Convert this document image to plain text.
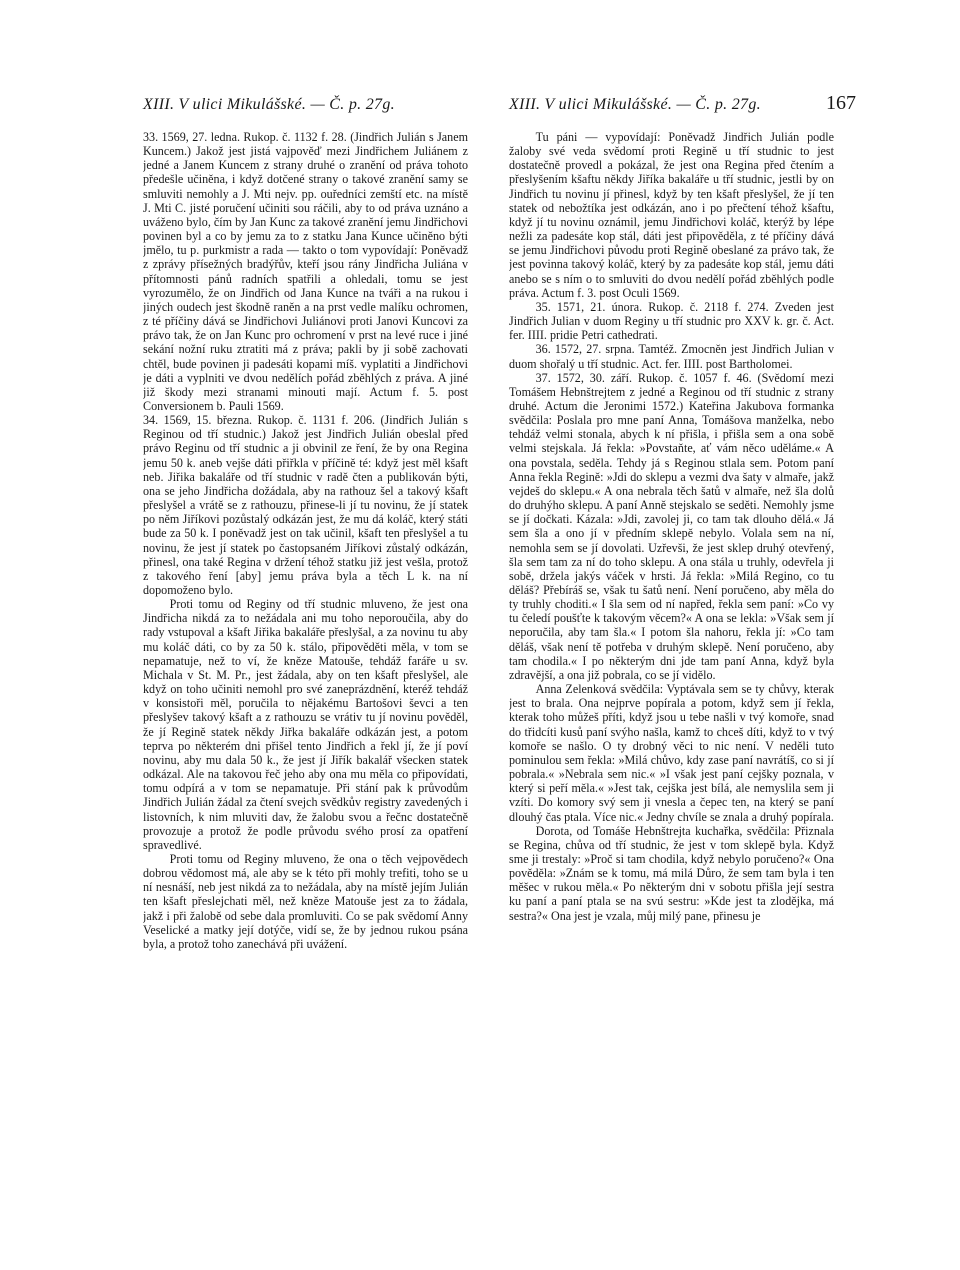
XIII. V ulici Mikulášské. — Č. p. 27g.	XIII. V ulici Mikulášské. — Č. p. 27g.	167

33. 1569, 27. ledna. Rukop. č. 1132 f. 28. (Jindřich Julián s Janem Kuncem.) Jakož jest jistá vajpověď mezi Jindřichem Juliánem z jedné a Janem Kuncem z strany druhé o zranění od práva tohoto předešle učiněna, i když dotčené strany o takové zranění samy se smluviti nemohly a J. Mti nejv. pp. ouředníci zemští etc. na místě J. Mti C. jisté poručení učiniti sou ráčili, aby to od práva uznáno a uváženo bylo, čím by Jan Kunc za takové zranění jemu Jindřichovi povinen byl a co by jemu za to z statku Jana Kunce učiněno býti jmělo, tu p. purkmistr a rada — takto o tom vypovídají: Poněvadž z zprávy přísežných bradýřův, kteří jsou rány Jindřicha Juliána v přítomnosti pánů radních spatřili a ohledali, tomu se jest vyrozumělo, že on Jindřich od Jana Kunce na tváři a na rukou i jiných oudech jest škodně raněn a na prst vedle malíku ochromen, z té příčiny dává se Jindřichovi Juliánovi proti Janovi Kuncovi za právo tak, že on Jan Kunc pro ochromení v prst na levé ruce i jiné sekání nožní ruku ztratiti má z práva; pakli by ji sobě zachovati chtěl, bude povinen ji padesáti kopami míš. vyplatiti a Jindřichovi je dáti a vyplniti ve dvou nedělích pořád zběhlých z práva. A jiné již škody mezi stranami minouti mají. Actum f. 5. post Conversionem b. Pauli 1569.

34. 1569, 15. března. Rukop. č. 1131 f. 206. (Jindřich Julián s Reginou od tří studnic.) Jakož jest Jindřich Julián obeslal před právo Reginu od tří studnic a ji obvinil ze ření, že by ona Regina jemu 50 k. aneb vejše dáti přiřkla v příčině té: když jest měl kšaft neb. Jiřika bakaláře od tří studnic v radě čten a publikován býti, ona se jeho Jindřicha dožádala, aby na rathouz šel a takový kšaft přeslyšel a vrátě se z rathouzu, přinese-li jí tu novinu, že jí statek po něm Jiříkovi pozůstalý odkázán jest, že mu dá koláč, který státi bude za 50 k. I poněvadž jest on tak učinil, kšaft ten přeslyšel a tu novinu, že jest jí statek po častopsaném Jiříkovi zůstalý odkázán, přinesl, ona také Regina v držení téhož statku již jest vešla, protož z takového ření [aby] jemu práva byla a těch L k. na ní dopomoženo bylo.

Proti tomu od Reginy od tří studnic mluveno, že jest ona Jindřicha nikdá za to nežádala ani mu toho neporoučila, aby do rady vstupoval a kšaft Jiřika bakaláře přeslyšal, a za novinu tu aby mu koláč dáti, co by za 50 k. stálo, připověděti měla, v tom se nepamatuje, než to ví, že kněze Matouše, tehdáž faráře u sv. Michala v St. M. Pr., jest žádala, aby on ten kšaft přeslyšel, ale když on toho učiniti nemohl pro své zaneprázdnění, kteréž tehdáž v konsistoři měl, poručila to nějakému Bartošovi ševci a ten přeslyšev takový kšaft a z rathouzu se vrátiv tu jí novinu pověděl, že jí Regině statek někdy Jiřka bakaláře odkázán jest, a potom teprva po některém dni přišel tento Jindřich a řekl jí, že jí poví novinu, aby mu dala 50 k., že jest jí Jiřík bakalář všecken statek odkázal. Ale na takovou řeč jeho aby ona mu měla co připovídati, tomu odpírá a v tom se nepamatuje. Při stání pak k průvodům Jindřich Julián žádal za čtení svejch svědkův registry zavedených i listovních, k nim mluviti dav, že žalobu svou a řečnc dostatečně provozuje a protož že podle průvodu svého prosí za opatření spravedlivé.

Proti tomu od Reginy mluveno, že ona o těch vejpovědech dobrou vědomost má, ale aby se k této při mohly trefiti, toho se u ní nesnáší, neb jest nikdá za to nežádala, aby na místě jejím Julián ten kšaft přeslejchati měl, než kněze Matouše jest za to žádala, jakž i při žalobě od sebe dala promluviti. Co se pak svědomí Anny Veselické a matky její dotýče, vidí se, že by jednou rukou psána byla, a protož toho zanechává při uvážení.

Tu páni — vypovídají: Poněvadž Jindřich Julián podle žaloby své veda svědomí proti Regině u tří studnic to jest dostatečně provedl a pokázal, že jest ona Regina před čtením a přeslyšením kšaftu někdy Jiříka bakaláře u tří studnic, jestli by on Jindřich tu novinu jí přinesl, když by ten kšaft přeslyšel, že jí ten statek od nebožtíka jest odkázán, ano i po přečtení téhož kšaftu, když jí tu novinu oznámil, jemu Jindřichovi koláč, kterýž by lépe nežli za padesáte kop stál, dáti jest připověděla, z té příčiny dává se jemu Jindřichovi původu proti Regině obeslané za právo tak, že jest povinna takový koláč, který by za padesáte kop stál, jemu dáti anebo se s ním o to smluviti do dvou nedělí pořád zběhlých podle práva. Actum f. 3. post Oculi 1569.

35. 1571, 21. února. Rukop. č. 2118 f. 274. Zveden jest Jindřich Julian v duom Reginy u tří studnic pro XXV k. gr. č. Act. fer. IIII. pridie Petri cathedrati.

36. 1572, 27. srpna. Tamtéž. Zmocněn jest Jindřich Julian v duom shořalý u tří studnic. Act. fer. IIII. post Bartholomei.

37. 1572, 30. září. Rukop. č. 1057 f. 46. (Svědomí mezi Tomášem Hebnštrejtem z jedné a Reginou od tří studnic z strany druhé. Actum die Jeronimi 1572.) Kateřina Jakubova formanka svědčila: Poslala pro mne paní Anna, Tomášova manželka, nebo tehdáž velmi stonala, abych k ní přišla, i přišla sem a ona sobě velmi stejskala. Já řekla: »Povstaňte, ať vám něco uděláme.« A ona povstala, seděla. Tehdy já s Reginou stlala sem. Potom paní Anna řekla Regině: »Jdi do sklepu a vezmi dva šaty v almaře, jakž vejdeš do sklepu.« A ona nebrala těch šatů v almaře, než šla dolů do druhýho sklepu. A paní Anně stejskalo se seděti. Nemohly jsme se jí dočkati. Kázala: »Jdi, zavolej ji, co tam tak dlouho dělá.« Já sem šla a ono jí v předním sklepě nebylo. Volala sem na ní, nemohla sem se jí dovolati. Uzřevši, že jest sklep druhý otevřený, šla sem tam za ní do toho sklepu. A ona stála u truhly, odevřela ji sobě, držela jakýs váček v hrsti. Já řekla: »Milá Regino, co tu děláš? Přebíráš se, však tu šatů není. Není poručeno, aby měla do ty truhly choditi.« I šla sem od ní napřed, řekla sem paní: »Co vy tu čeledí poušťte k takovým věcem?« A ona se lekla: »Však sem jí neporučila, aby tam šla.« I potom šla nahoru, řekla jí: »Co tam děláš, však není tě potřeba v druhým sklepě. Není poručeno, aby tam chodila.« I po některým dni jde tam paní Anna, když byla zdravější, a ona již pobrala, co se jí vidělo.

Anna Zelenková svědčila: Vyptávala sem se ty chůvy, kterak jest to brala. Ona nejprve popírala a potom, když sem jí řekla, kterak toho můžeš příti, když jsou u tebe našli v tvý komoře, snad do třidcíti kusů paní svýho našla, kamž to chceš díti, když to v tvý komoře se našlo. O ty drobný věci to nic není. V neděli tuto pominulou sem řekla: »Milá chůvo, kdy zase paní navrátíš, co si jí pobrala.« »Nebrala sem nic.« »I však jest paní cejšky poznala, v který si peří měla.« »Jest tak, cejška jest bílá, ale nemyslila sem ji vzíti. Do komory svý sem ji vnesla a čepec ten, na který se paní dlouhý čas ptala. Více nic.« Jedny chvíle se znala a druhý popírala.

Dorota, od Tomáše Hebnštrejta kuchařka, svědčila: Přiznala se Regina, chůva od tří studnic, že jest v tom sklepě byla. Když sme ji trestaly: »Proč si tam chodila, když nebylo poručeno?« Ona pověděla: »Znám se k tomu, má milá Důro, že sem tam byla i ten měšec v rukou měla.« Po některým dni v sobotu přišla její sestra ku paní a paní ptala se na svú sestru: »Kde jest ta zlodějka, má sestra?« Ona jest je vzala, můj milý pane, přinesu je
